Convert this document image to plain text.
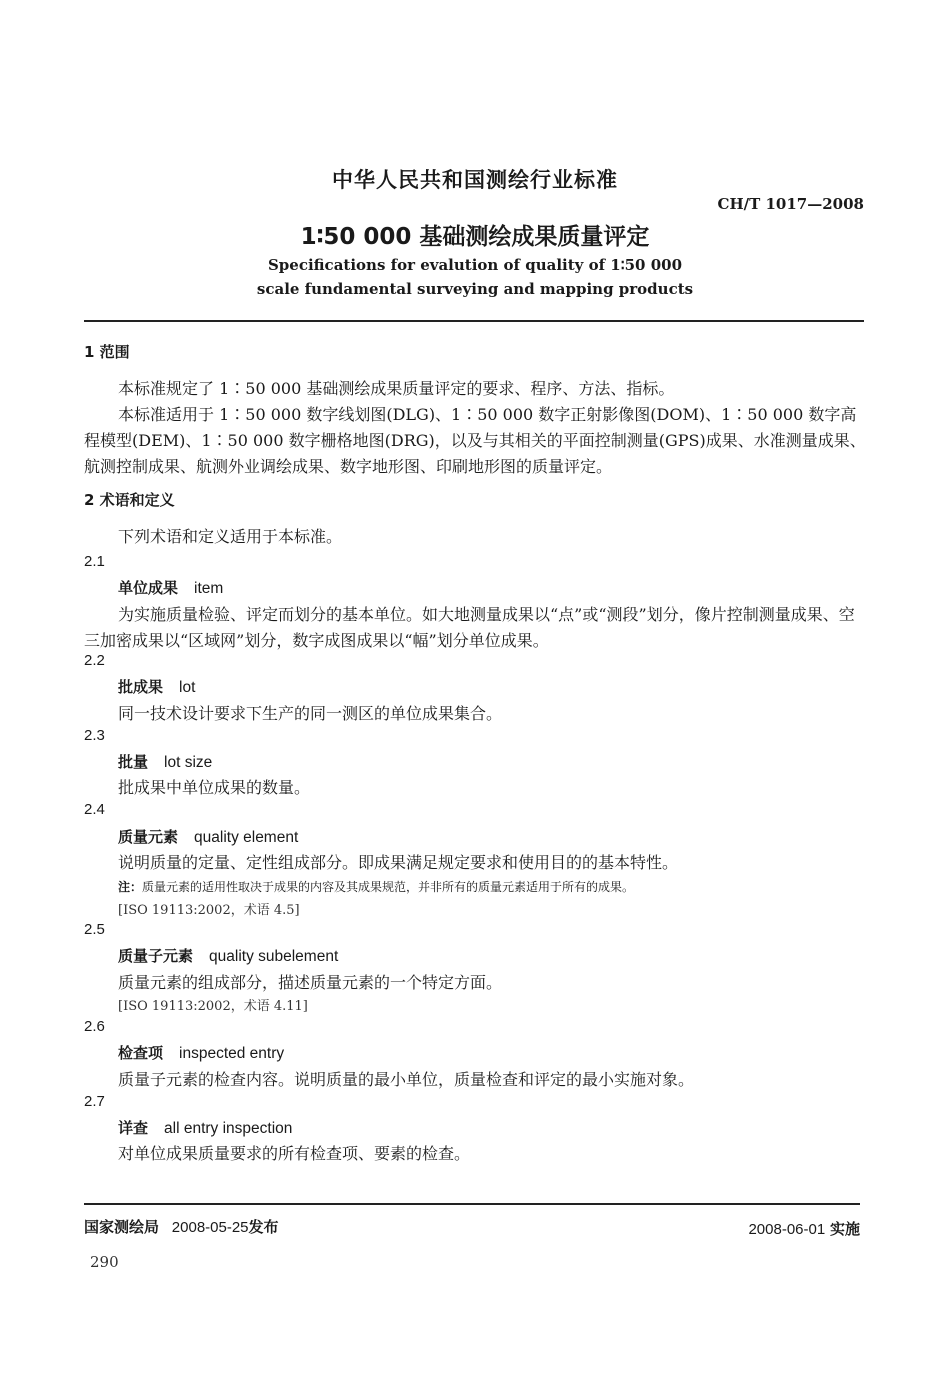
中华人民共和国测绘行业标准
CH/T 1017—2008
1∶50 000 基础测绘成果质量评定
Specifications for evalution of quality of 1∶50 000
scale fundamental surveying and mapping products
1 范围
本标准规定了 1∶50 000 基础测绘成果质量评定的要求、程序、方法、指标。
本标准适用于 1∶50 000 数字线划图(DLG)、1∶50 000 数字正射影像图(DOM)、1∶50 000 数字高程模型(DEM)、1∶50 000 数字栅格地图(DRG)，以及与其相关的平面控制测量(GPS)成果、水准测量成果、航测控制成果、航测外业调绘成果、数字地形图、印刷地形图的质量评定。
2 术语和定义
下列术语和定义适用于本标准。
2.1
单位成果 item
为实施质量检验、评定而划分的基本单位。如大地测量成果以“点”或“测段”划分，像片控制测量成果、空三加密成果以“区域网”划分，数字成图成果以“幅”划分单位成果。
2.2
批成果 lot
同一技术设计要求下生产的同一测区的单位成果集合。
2.3
批量 lot size
批成果中单位成果的数量。
2.4
质量元素 quality element
说明质量的定量、定性组成部分。即成果满足规定要求和使用目的的基本特性。
注：质量元素的适用性取决于成果的内容及其成果规范，并非所有的质量元素适用于所有的成果。
[ISO 19113:2002，术语 4.5]
2.5
质量子元素 quality subelement
质量元素的组成部分，描述质量元素的一个特定方面。
[ISO 19113:2002，术语 4.11]
2.6
检查项 inspected entry
质量子元素的检查内容。说明质量的最小单位，质量检查和评定的最小实施对象。
2.7
详查 all entry inspection
对单位成果质量要求的所有检查项、要素的检查。
国家测绘局 2008-05-25发布	2008-06-01 实施
290
